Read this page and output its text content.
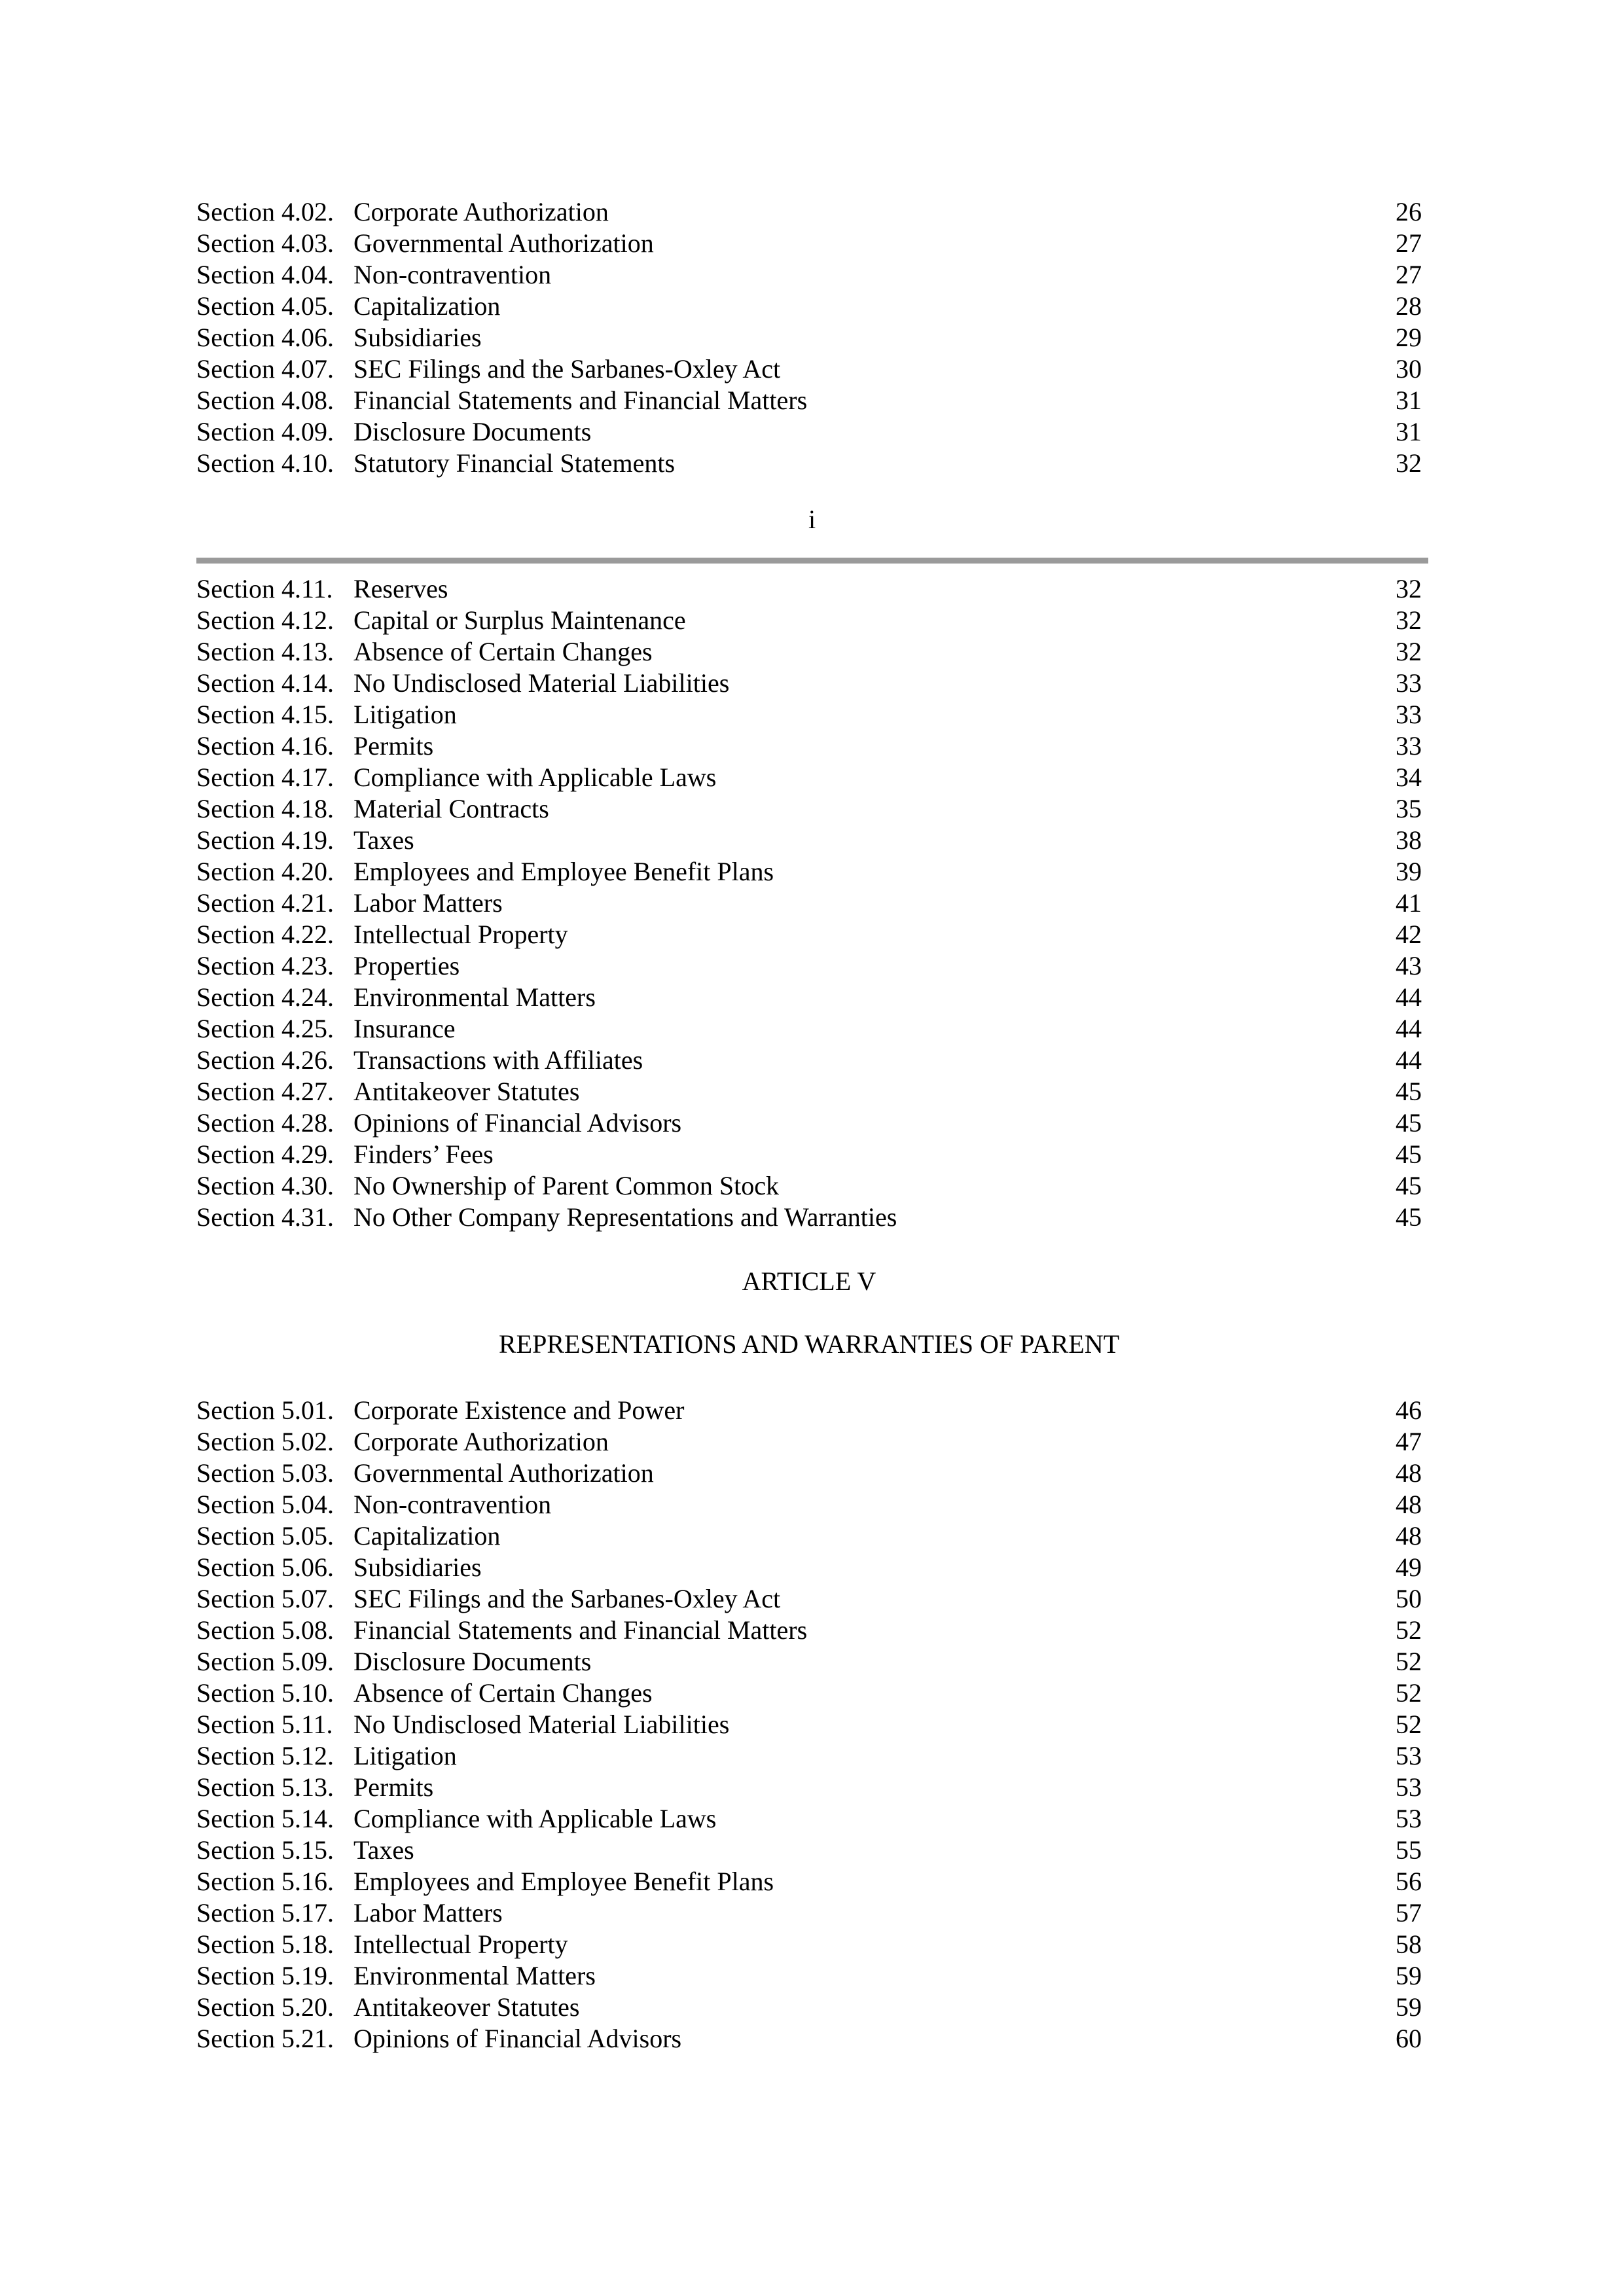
Section 4.02. Corporate Authorization	26
Section 4.03. Governmental Authorization	27
Section 4.04. Non-contravention	27
Section 4.05. Capitalization	28
Section 4.06. Subsidiaries	29
Section 4.07. SEC Filings and the Sarbanes-Oxley Act	30
Section 4.08. Financial Statements and Financial Matters	31
Section 4.09. Disclosure Documents	31
Section 4.10. Statutory Financial Statements	32
i
Section 4.11. Reserves	32
Section 4.12. Capital or Surplus Maintenance	32
Section 4.13. Absence of Certain Changes	32
Section 4.14. No Undisclosed Material Liabilities	33
Section 4.15. Litigation	33
Section 4.16. Permits	33
Section 4.17. Compliance with Applicable Laws	34
Section 4.18. Material Contracts	35
Section 4.19. Taxes	38
Section 4.20. Employees and Employee Benefit Plans	39
Section 4.21. Labor Matters	41
Section 4.22. Intellectual Property	42
Section 4.23. Properties	43
Section 4.24. Environmental Matters	44
Section 4.25. Insurance	44
Section 4.26. Transactions with Affiliates	44
Section 4.27. Antitakeover Statutes	45
Section 4.28. Opinions of Financial Advisors	45
Section 4.29. Finders’ Fees	45
Section 4.30. No Ownership of Parent Common Stock	45
Section 4.31. No Other Company Representations and Warranties	45
ARTICLE V
REPRESENTATIONS AND WARRANTIES OF PARENT
Section 5.01. Corporate Existence and Power	46
Section 5.02. Corporate Authorization	47
Section 5.03. Governmental Authorization	48
Section 5.04. Non-contravention	48
Section 5.05. Capitalization	48
Section 5.06. Subsidiaries	49
Section 5.07. SEC Filings and the Sarbanes-Oxley Act	50
Section 5.08. Financial Statements and Financial Matters	52
Section 5.09. Disclosure Documents	52
Section 5.10. Absence of Certain Changes	52
Section 5.11. No Undisclosed Material Liabilities	52
Section 5.12. Litigation	53
Section 5.13. Permits	53
Section 5.14. Compliance with Applicable Laws	53
Section 5.15. Taxes	55
Section 5.16. Employees and Employee Benefit Plans	56
Section 5.17. Labor Matters	57
Section 5.18. Intellectual Property	58
Section 5.19. Environmental Matters	59
Section 5.20. Antitakeover Statutes	59
Section 5.21. Opinions of Financial Advisors	60
